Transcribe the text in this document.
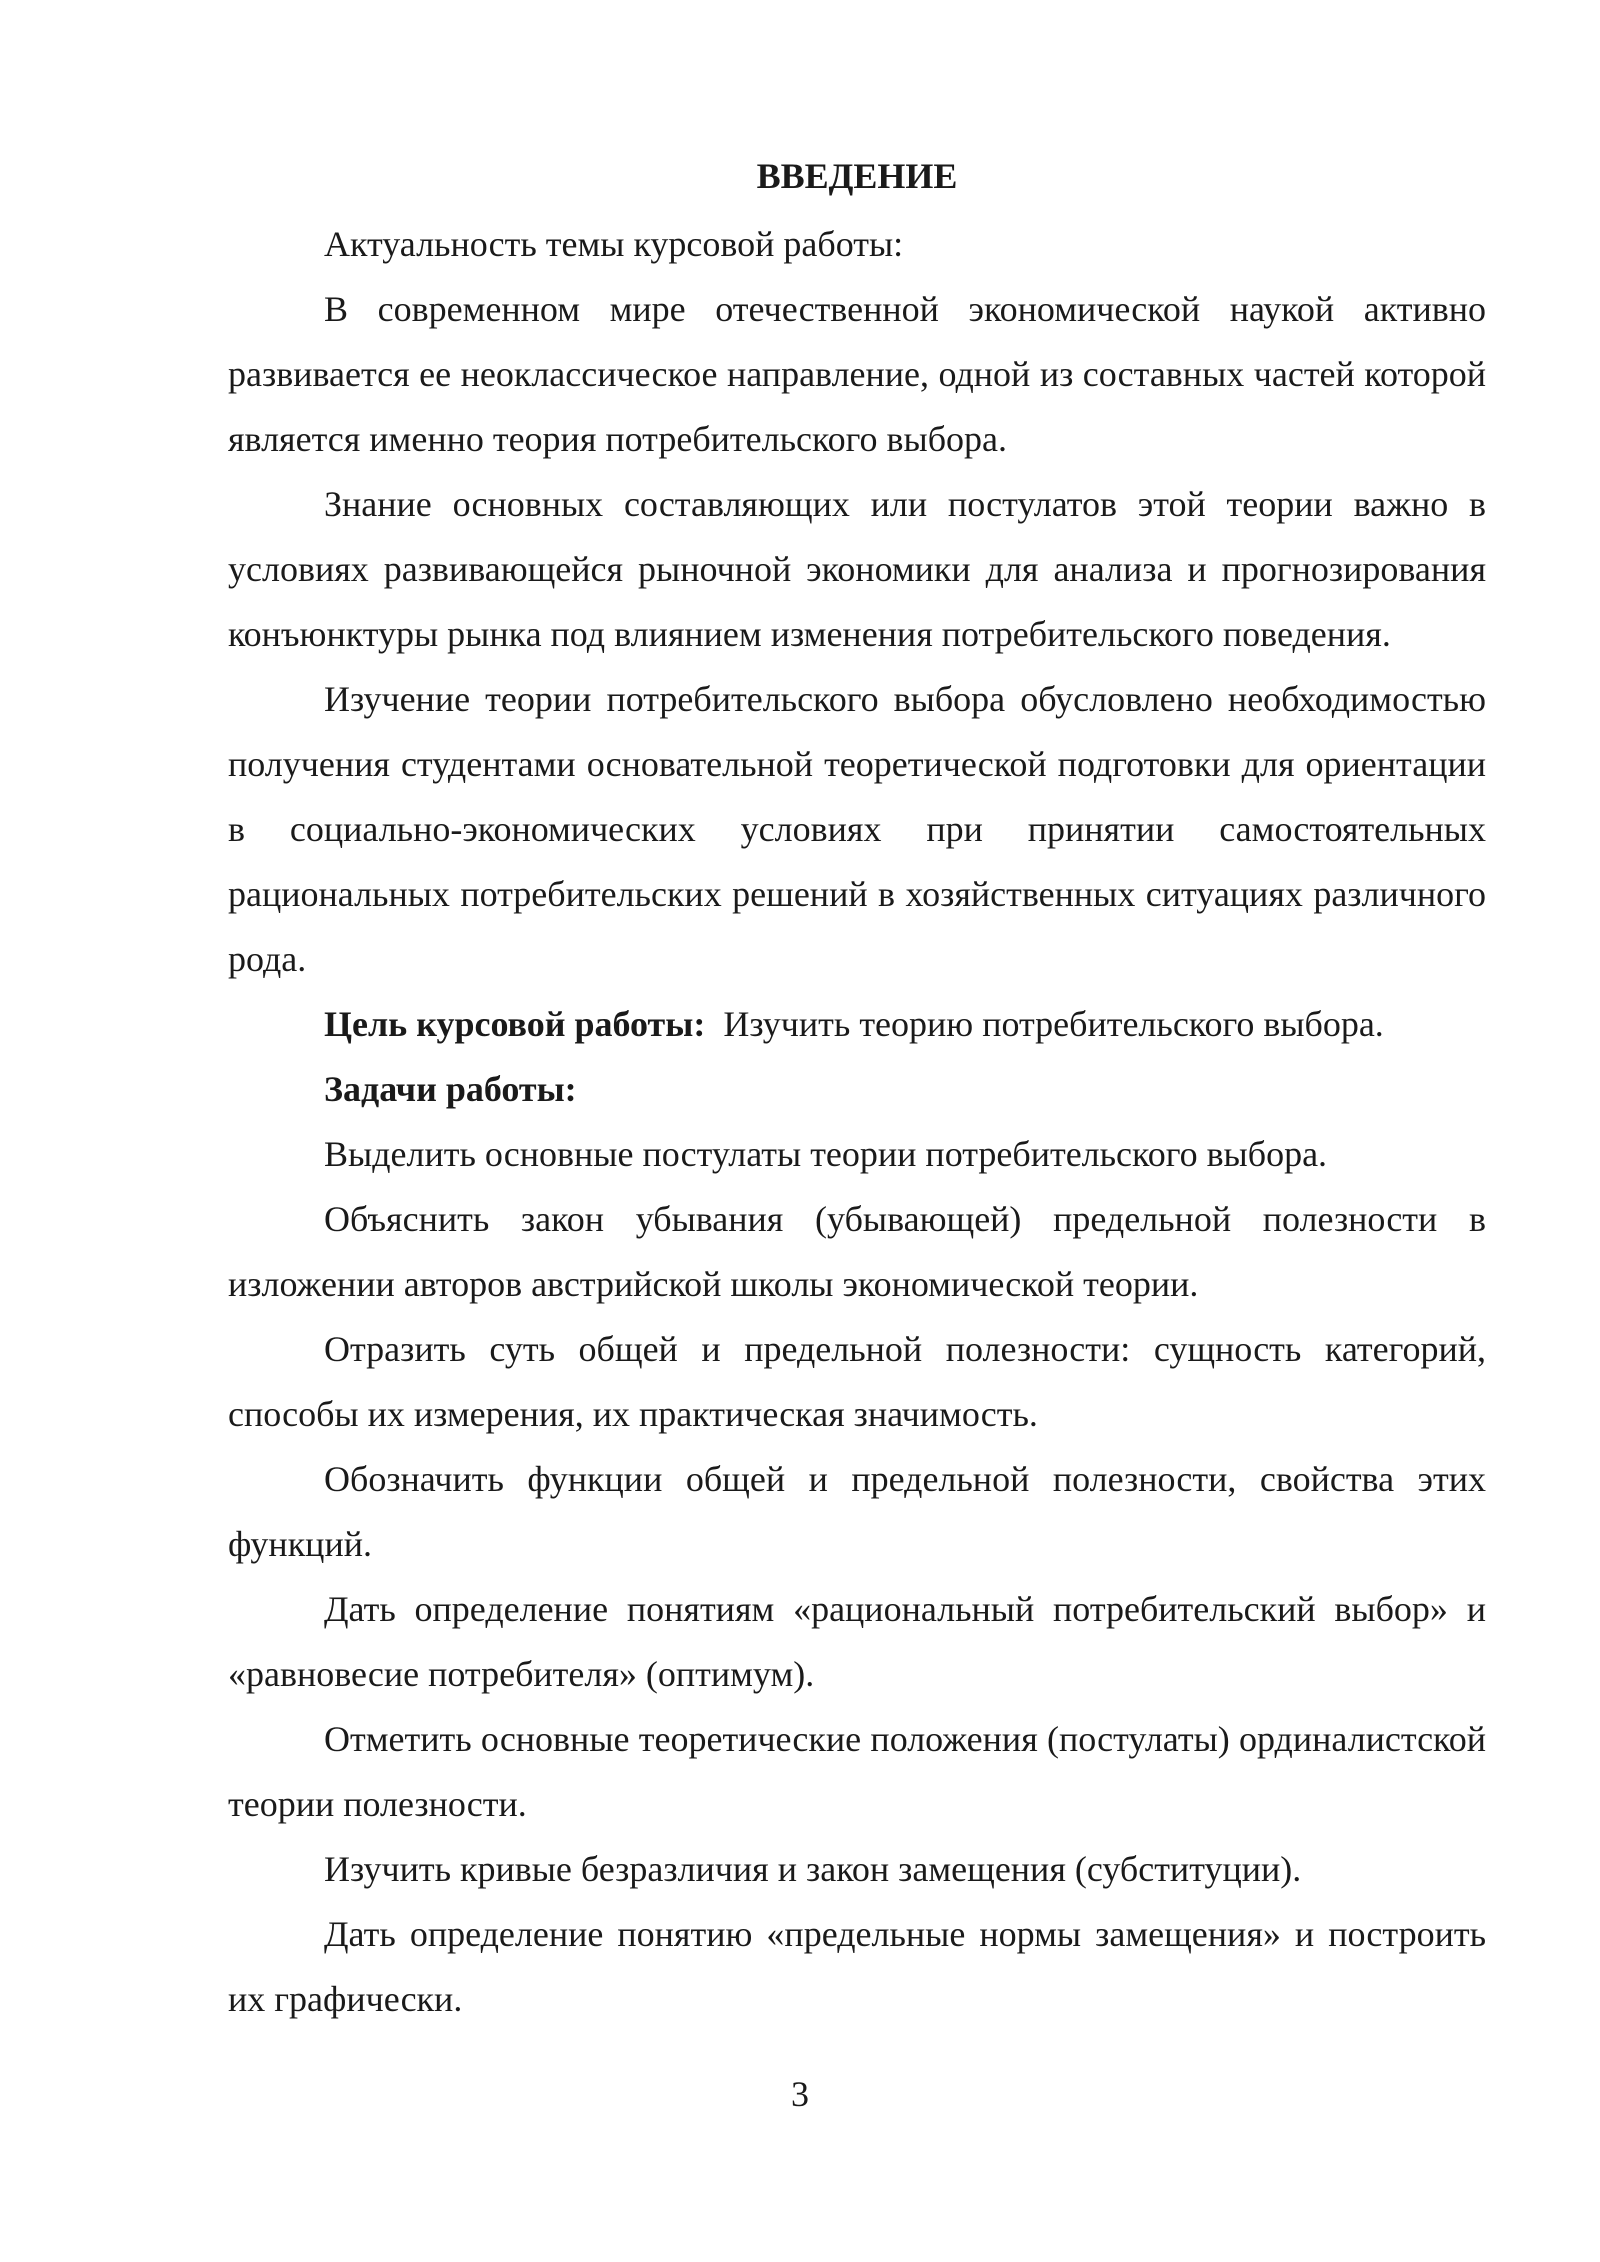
ВВЕДЕНИЕ

Актуальность темы курсовой работы:

В современном мире отечественной экономической наукой активно развивается ее неоклассическое направление, одной из составных частей которой является именно теория потребительского выбора.

Знание основных составляющих или постулатов этой теории важно в условиях развивающейся рыночной экономики для анализа и прогнозирования конъюнктуры рынка под влиянием изменения потребительского поведения.

Изучение теории потребительского выбора обусловлено необходимостью получения студентами основательной теоретической подготовки для ориентации в социально-экономических условиях при принятии самостоятельных рациональных потребительских решений в хозяйственных ситуациях различного рода.

Цель курсовой работы: Изучить теорию потребительского выбора.

Задачи работы:

Выделить основные постулаты теории потребительского выбора.

Объяснить закон убывания (убывающей) предельной полезности в изложении авторов австрийской школы экономической теории.

Отразить суть общей и предельной полезности: сущность категорий, способы их измерения, их практическая значимость.

Обозначить функции общей и предельной полезности, свойства этих функций.

Дать определение понятиям «рациональный потребительский выбор» и «равновесие потребителя» (оптимум).

Отметить основные теоретические положения (постулаты) ординалистской теории полезности.

Изучить кривые безразличия и закон замещения (субституции).

Дать определение понятию «предельные нормы замещения» и построить их графически.

3
